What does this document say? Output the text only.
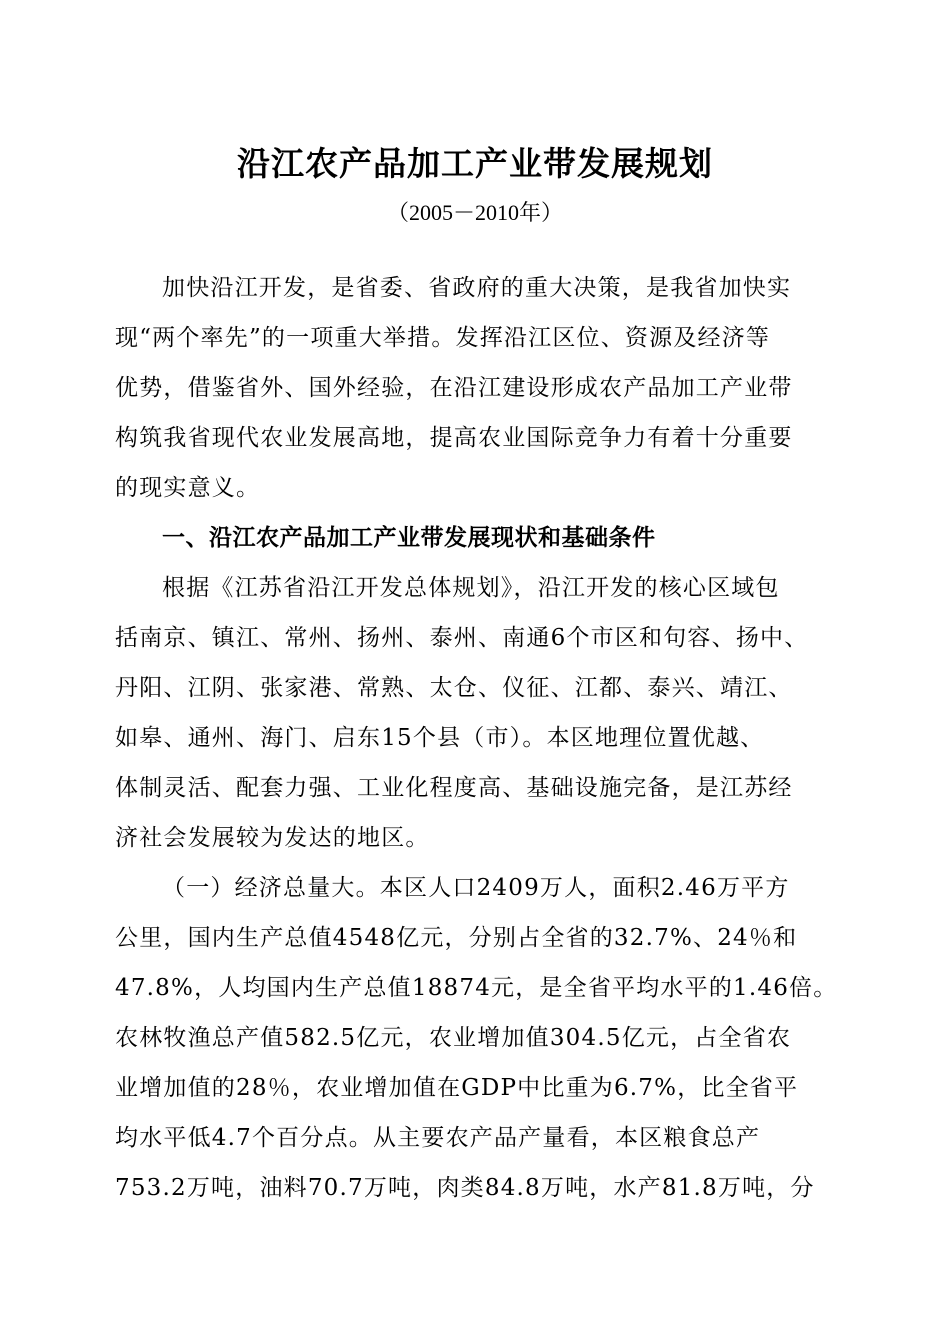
沿江农产品加工产业带发展规划
（2005－2010年）
加快沿江开发，是省委、省政府的重大决策，是我省加快实
现“两个率先”的一项重大举措。发挥沿江区位、资源及经济等
优势，借鉴省外、国外经验，在沿江建设形成农产品加工产业带
构筑我省现代农业发展高地，提高农业国际竞争力有着十分重要
的现实意义。
一、沿江农产品加工产业带发展现状和基础条件
根据《江苏省沿江开发总体规划》，沿江开发的核心区域包
括南京、镇江、常州、扬州、泰州、南通6个市区和句容、扬中、
丹阳、江阴、张家港、常熟、太仓、仪征、江都、泰兴、靖江、
如皋、通州、海门、启东15个县（市）。本区地理位置优越、
体制灵活、配套力强、工业化程度高、基础设施完备，是江苏经
济社会发展较为发达的地区。
（一）经济总量大。本区人口2409万人，面积2.46万平方
公里，国内生产总值4548亿元，分别占全省的32.7%、24％和
47.8%，人均国内生产总值18874元，是全省平均水平的1.46倍。
农林牧渔总产值582.5亿元，农业增加值304.5亿元，占全省农
业增加值的28％，农业增加值在GDP中比重为6.7%，比全省平
均水平低4.7个百分点。从主要农产品产量看，本区粮食总产
753.2万吨，油料70.7万吨，肉类84.8万吨，水产81.8万吨，分
